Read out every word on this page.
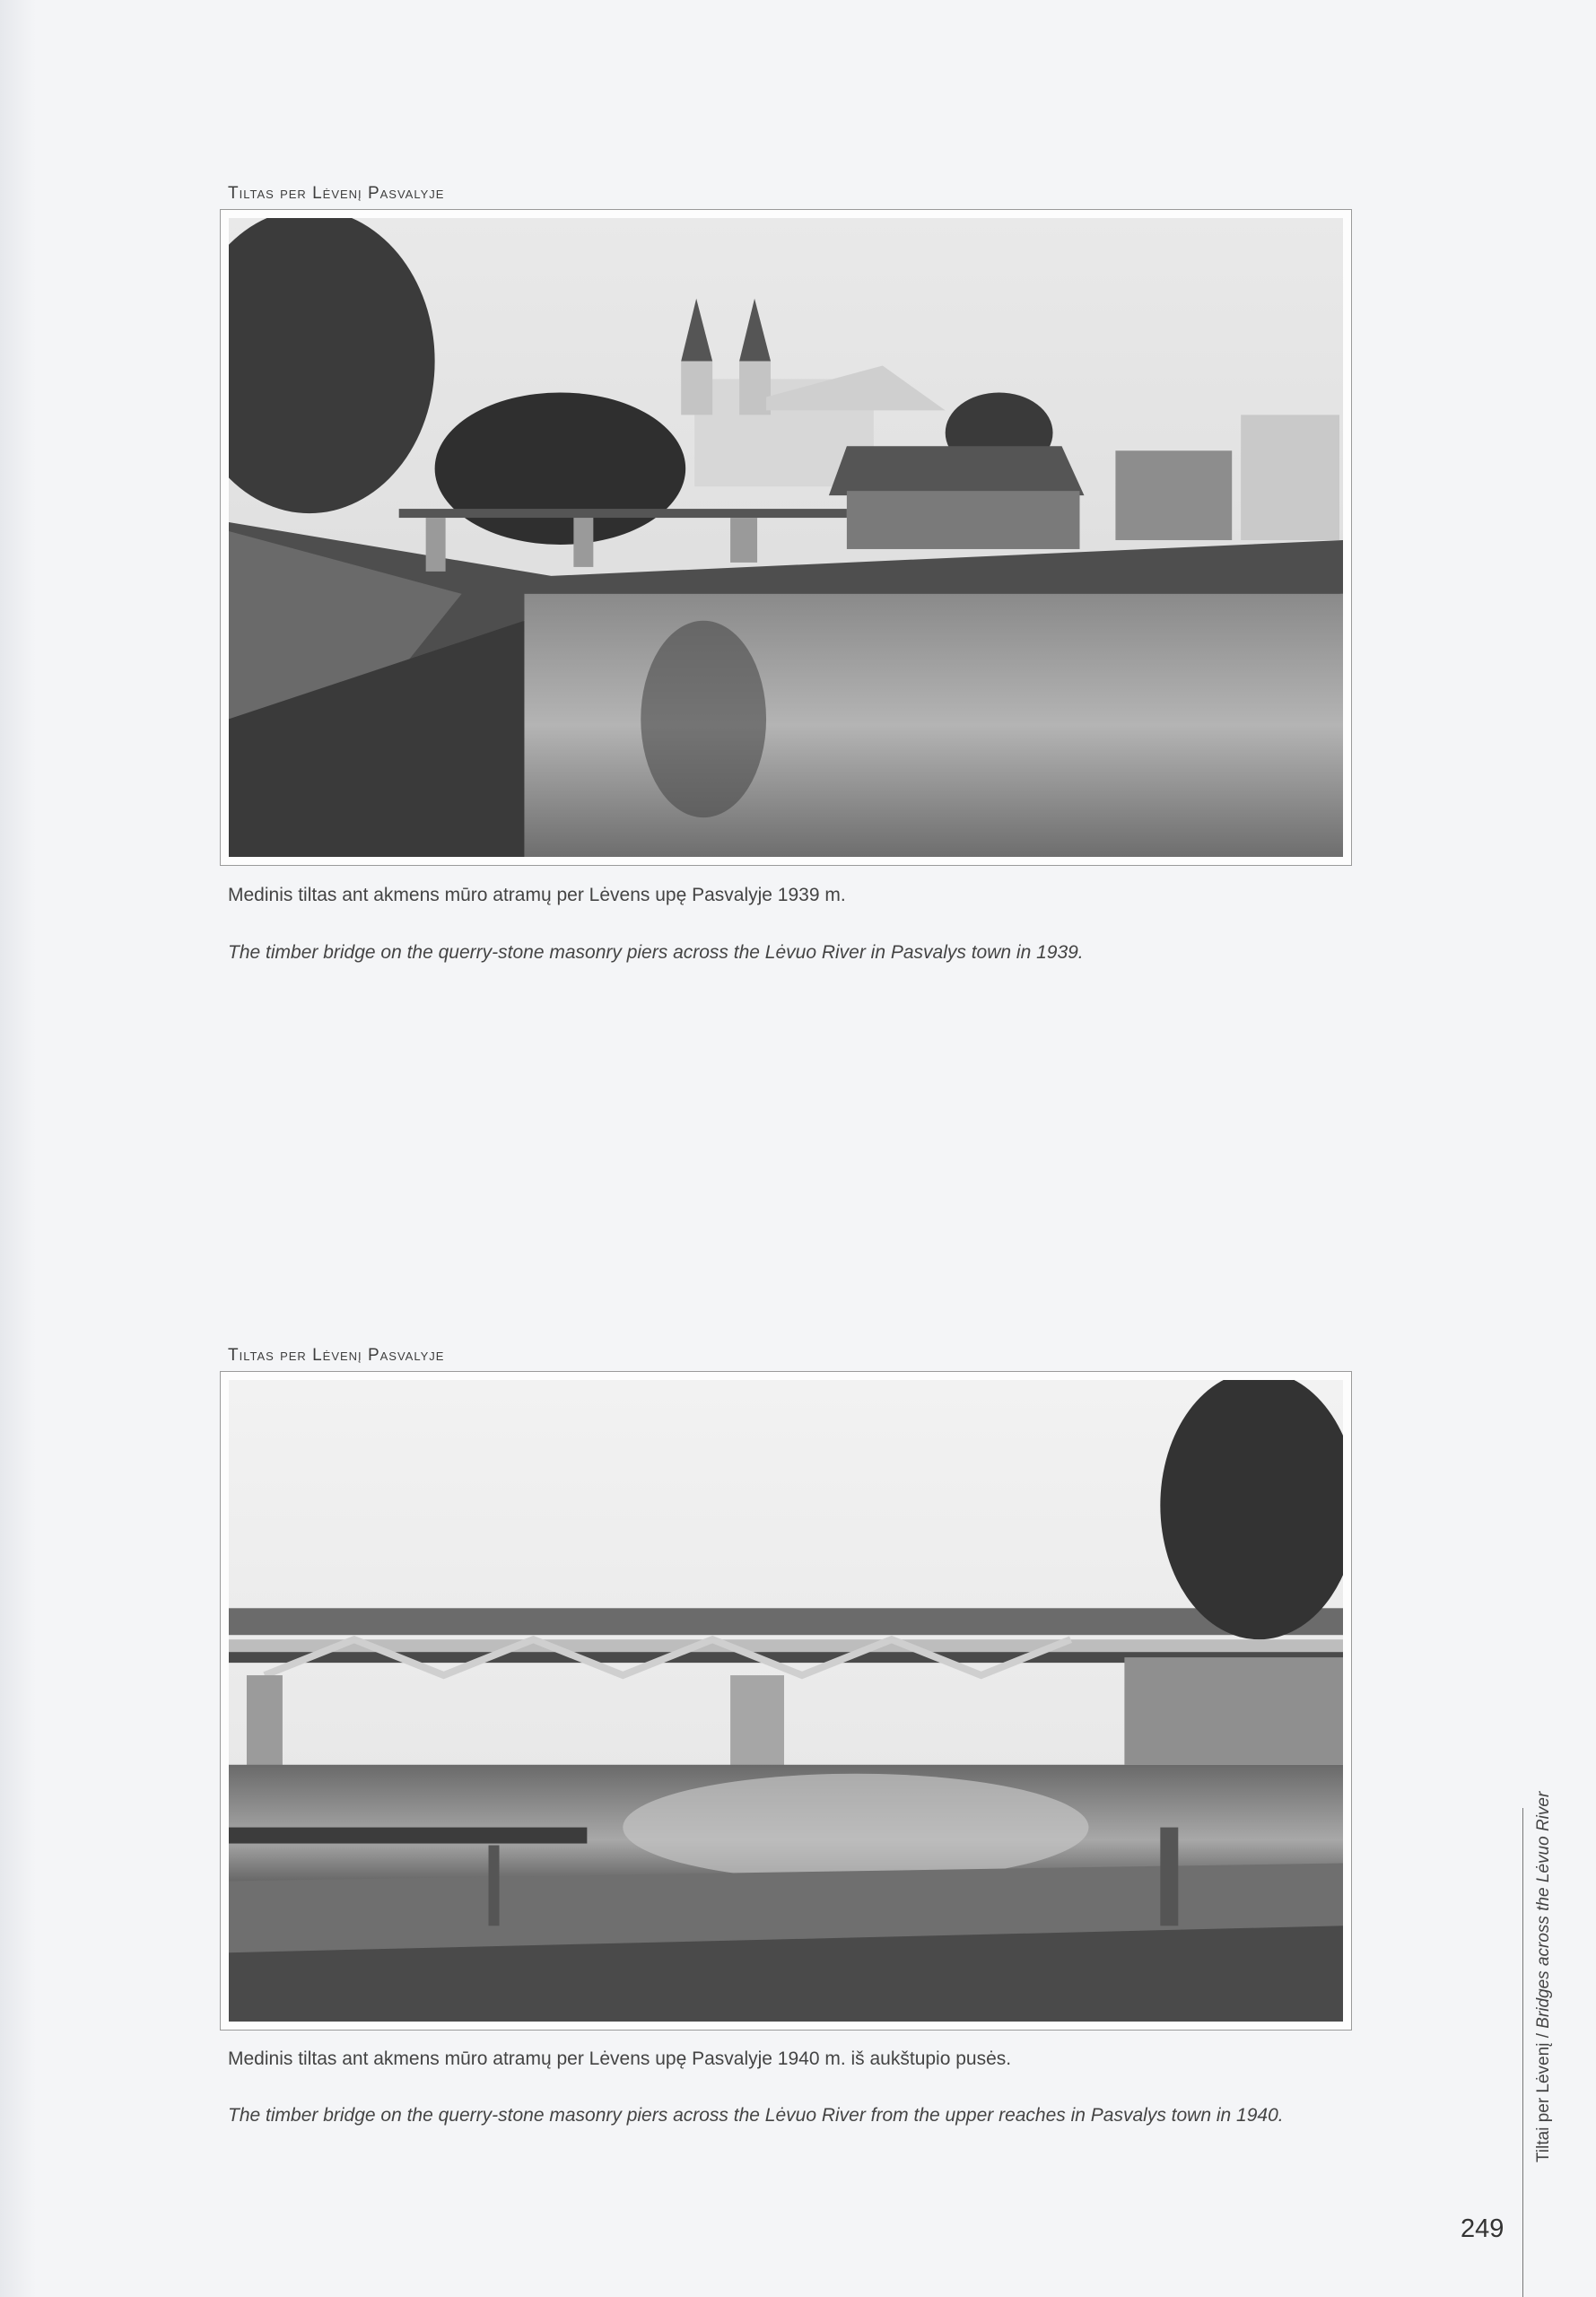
Tiltas per Lėvenį Pasvalyje
Medinis tiltas ant akmens mūro atramų per Lėvens upę Pasvalyje 1939 m.
The timber bridge on the querry-stone masonry piers across the Lėvuo River in Pasvalys town in 1939.
Tiltas per Lėvenį Pasvalyje
Medinis tiltas ant akmens mūro atramų per Lėvens upę Pasvalyje 1940 m. iš aukštupio pusės.
The timber bridge on the querry-stone masonry piers across the Lėvuo River from the upper reaches in Pasvalys town in 1940.	Tiltai per Lėvenį / Bridges across the Lėvuo River
249
